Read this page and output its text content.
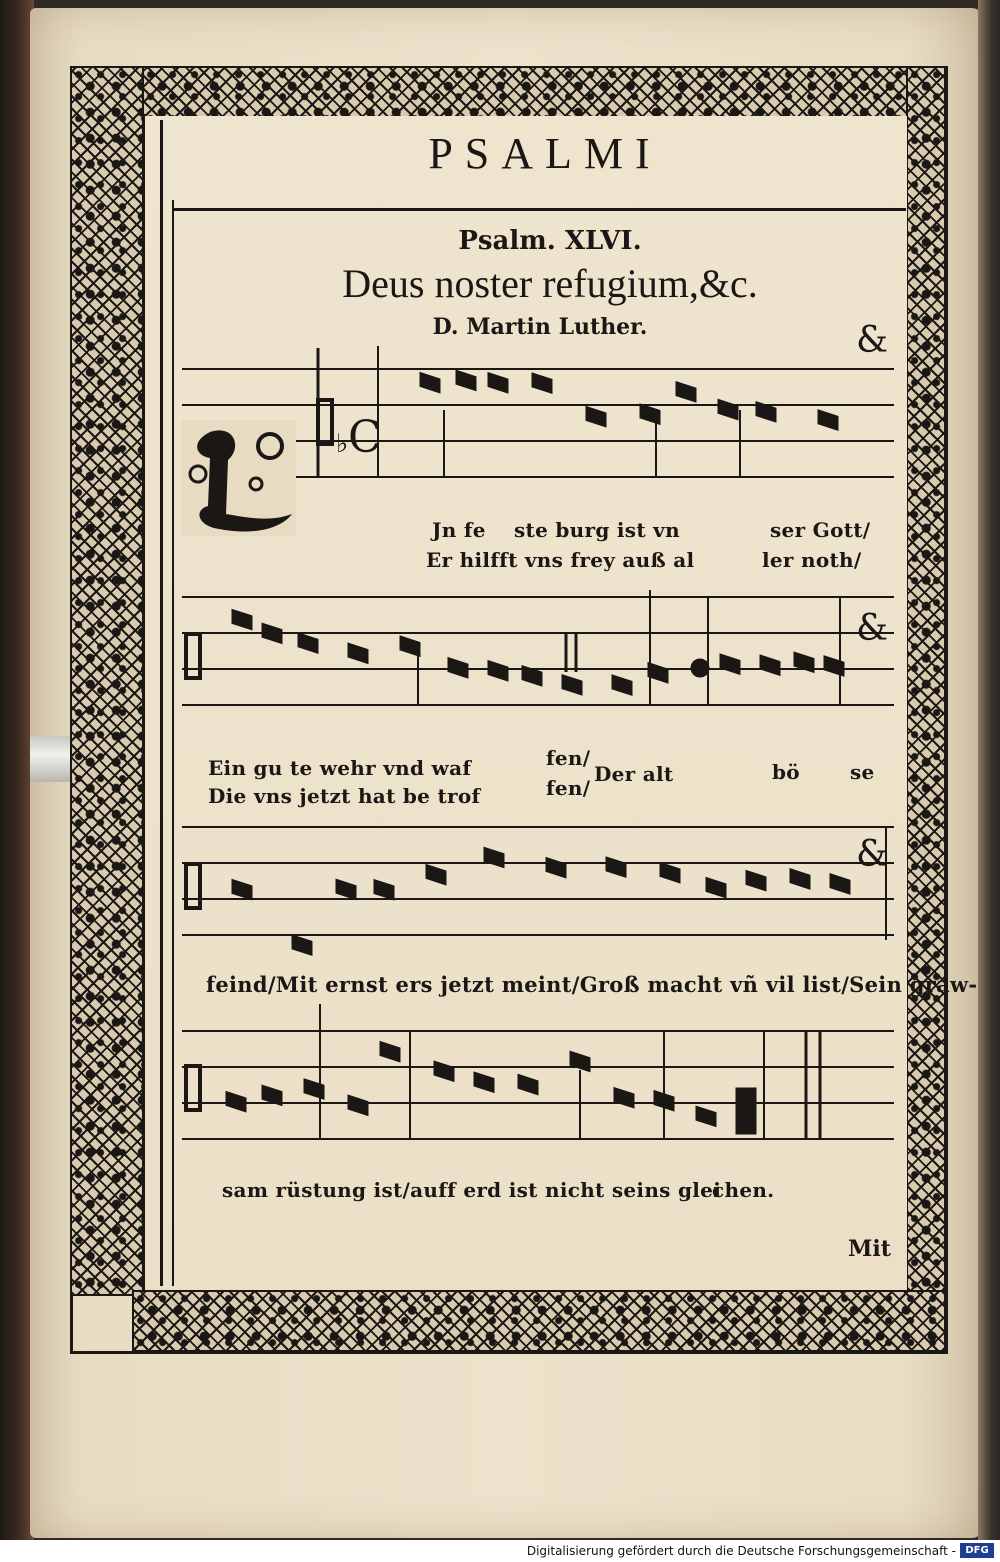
PSALMI
Psalm. XLVI.
Deus noster refugium,&c.
D. Martin Luther.
C
♭
&
&
&
Jn fe ste burg ist vn	ser Gott/
Er hilfft vns frey auß al	ler noth/
Ein gu te wehr vnd waf	fen/
Der alt	bö	se
Die vns jetzt hat be trof	fen/
feind/Mit ernst ers jetzt meint/Groß macht vñ vil list/Sein graw-
sam rüstung ist/auff erd ist nicht seins glei
chen.
Mit
Digitalisierung gefördert durch die Deutsche Forschungsgemeinschaft - DFG
